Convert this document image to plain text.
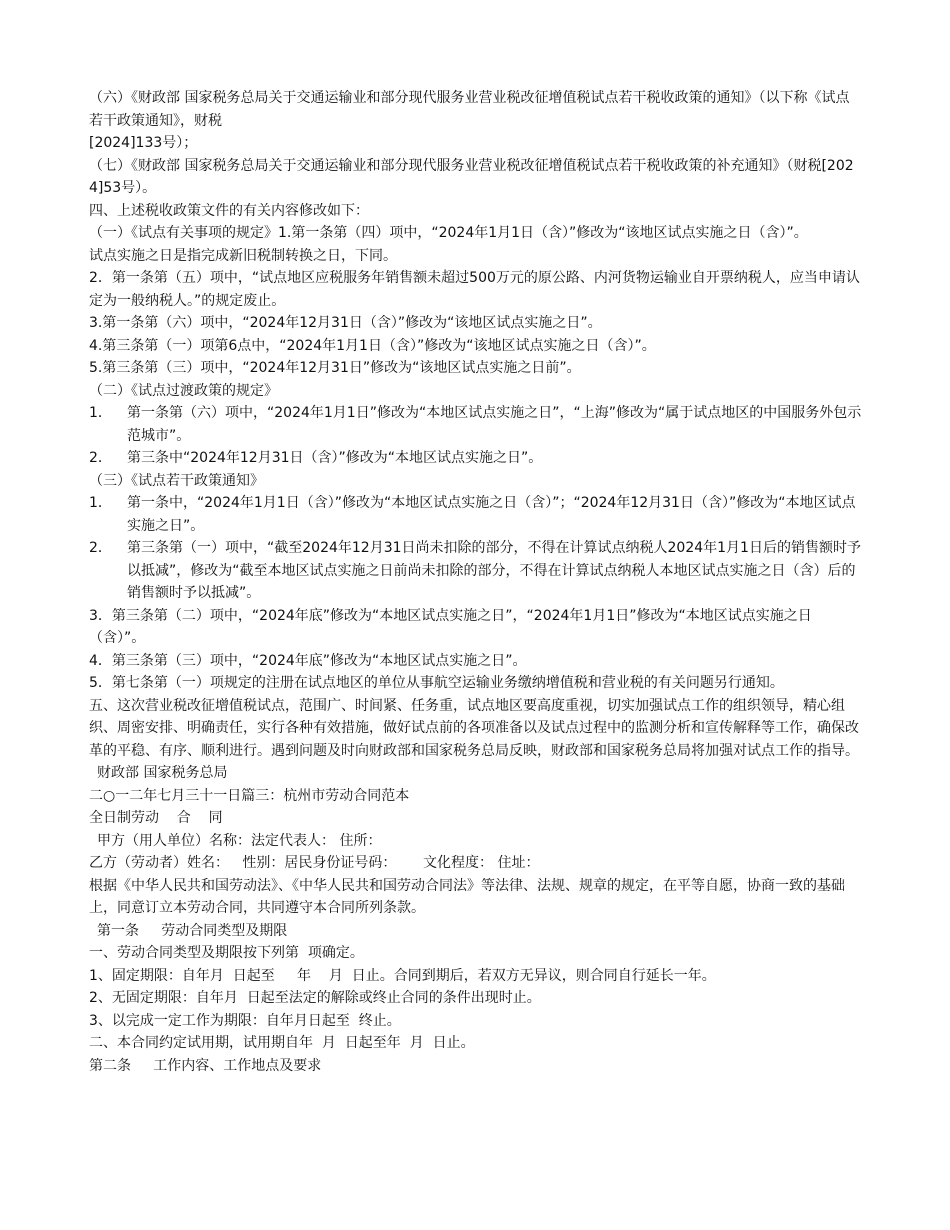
（六）《财政部 国家税务总局关于交通运输业和部分现代服务业营业税改征增值税试点若干税收政策的通知》（以下称《试点若干政策通知》，财税
[2024]133号）；
（七）《财政部 国家税务总局关于交通运输业和部分现代服务业营业税改征增值税试点若干税收政策的补充通知》（财税[2024]53号）。
四、上述税收政策文件的有关内容修改如下：
（一）《试点有关事项的规定》1.第一条第（四）项中，“2024年1月1日（含）”修改为“该地区试点实施之日（含）”。
试点实施之日是指完成新旧税制转换之日，下同。
2．第一条第（五）项中，“试点地区应税服务年销售额未超过500万元的原公路、内河货物运输业自开票纳税人，应当申请认定为一般纳税人。”的规定废止。
3.第一条第（六）项中，“2024年12月31日（含）”修改为“该地区试点实施之日”。
4.第三条第（一）项第6点中，“2024年1月1日（含）”修改为“该地区试点实施之日（含）”。
5.第三条第（三）项中，“2024年12月31日”修改为“该地区试点实施之日前”。
（二）《试点过渡政策的规定》
1．	第一条第（六）项中，“2024年1月1日”修改为“本地区试点实施之日”，“上海”修改为“属于试点地区的中国服务外包示范城市”。
2．	第三条中“2024年12月31日（含）”修改为“本地区试点实施之日”。
（三）《试点若干政策通知》
1．	第一条中，“2024年1月1日（含）”修改为“本地区试点实施之日（含）”；“2024年12月31日（含）”修改为“本地区试点实施之日”。
2．	第三条第（一）项中，“截至2024年12月31日尚未扣除的部分，不得在计算试点纳税人2024年1月1日后的销售额时予以抵减”，修改为“截至本地区试点实施之日前尚未扣除的部分，不得在计算试点纳税人本地区试点实施之日（含）后的销售额时予以抵减”。
3．第三条第（二）项中，“2024年底”修改为“本地区试点实施之日”，“2024年1月1日”修改为“本地区试点实施之日（含）”。
4．第三条第（三）项中，“2024年底”修改为“本地区试点实施之日”。
5．第七条第（一）项规定的注册在试点地区的单位从事航空运输业务缴纳增值税和营业税的有关问题另行通知。
五、这次营业税改征增值税试点，范围广、时间紧、任务重，试点地区要高度重视，切实加强试点工作的组织领导，精心组织、周密安排、明确责任，实行各种有效措施，做好试点前的各项准备以及试点过程中的监测分析和宣传解释等工作，确保改革的平稳、有序、顺利进行。遇到问题及时向财政部和国家税务总局反映，财政部和国家税务总局将加强对试点工作的指导。
财政部 国家税务总局
二○一二年七月三十一日篇三：杭州市劳动合同范本
全日制劳动    合    同
甲方（用人单位）名称：法定代表人： 住所：
乙方（劳动者）姓名：   性别：居民身份证号码：      文化程度： 住址：
根据《中华人民共和国劳动法》、《中华人民共和国劳动合同法》等法律、法规、规章的规定，在平等自愿，协商一致的基础上，同意订立本劳动合同，共同遵守本合同所列条款。
第一条     劳动合同类型及期限
一、劳动合同类型及期限按下列第  项确定。
1、固定期限：自年月  日起至     年    月  日止。合同到期后，若双方无异议，则合同自行延长一年。
2、无固定期限：自年月  日起至法定的解除或终止合同的条件出现时止。
3、以完成一定工作为期限：自年月日起至  终止。
二、本合同约定试用期，试用期自年  月  日起至年  月  日止。
第二条     工作内容、工作地点及要求
